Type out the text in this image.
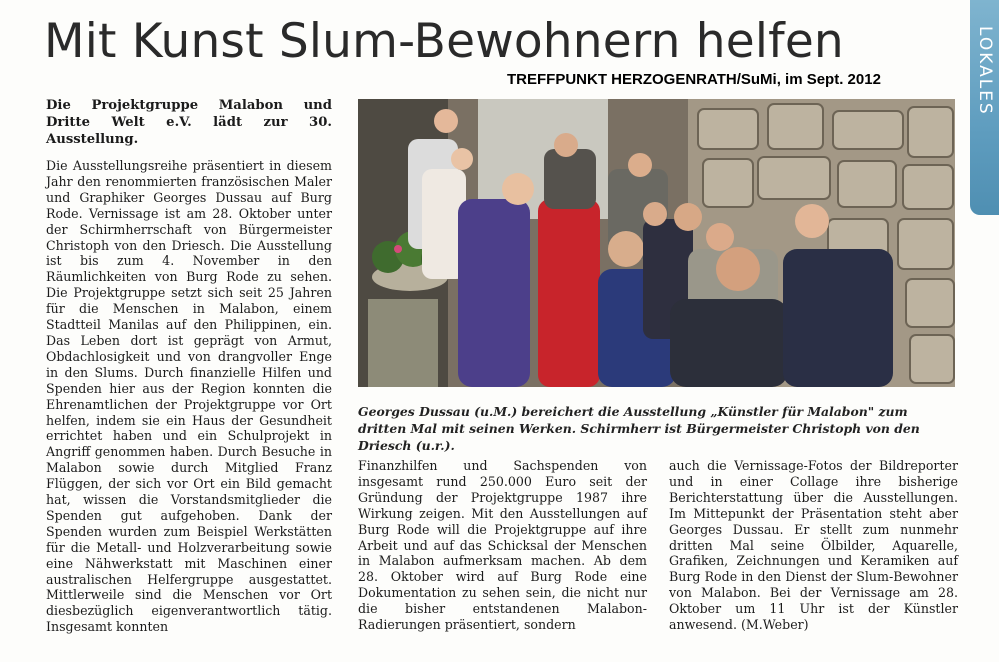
Mit Kunst Slum-Bewohnern helfen
TREFFPUNKT HERZOGENRATH/SuMi, im Sept. 2012	LOKALES

Die Projektgruppe Malabon und Dritte Welt e.V. lädt zur 30. Ausstellung.

Die Ausstellungsreihe präsentiert in diesem Jahr den renommierten französischen Maler und Graphiker Georges Dussau auf Burg Rode. Vernissage ist am 28. Oktober unter der Schirmherrschaft von Bürgermeister Christoph von den Driesch. Die Ausstellung ist bis zum 4. November in den Räumlichkeiten von Burg Rode zu sehen. Die Projektgruppe setzt sich seit 25 Jahren für die Menschen in Malabon, einem Stadtteil Manilas auf den Philippinen, ein. Das Leben dort ist geprägt von Armut, Obdachlosigkeit und von drangvoller Enge in den Slums. Durch finanzielle Hilfen und Spenden hier aus der Region konnten die Ehrenamtlichen der Projektgruppe vor Ort helfen, indem sie ein Haus der Gesundheit errichtet haben und ein Schulprojekt in Angriff genommen haben. Durch Besuche in Malabon sowie durch Mitglied Franz Flüggen, der sich vor Ort ein Bild gemacht hat, wissen die Vorstandsmitglieder die Spenden gut aufgehoben. Dank der Spenden wurden zum Beispiel Werkstätten für die Metall- und Holzverarbeitung sowie eine Nähwerkstatt mit Maschinen einer australischen Helfergruppe ausgestattet. Mittlerweile sind die Menschen vor Ort diesbezüglich eigenverantwortlich tätig. Insgesamt konnten

Georges Dussau (u.M.) bereichert die Ausstellung „Künstler für Malabon" zum dritten Mal mit seinen Werken. Schirmherr ist Bürgermeister Christoph von den Driesch (u.r.).

Finanzhilfen und Sachspenden von insgesamt rund 250.000 Euro seit der Gründung der Projektgruppe 1987 ihre Wirkung zeigen. Mit den Ausstellungen auf Burg Rode will die Projektgruppe auf ihre Arbeit und auf das Schicksal der Menschen in Malabon aufmerksam machen. Ab dem 28. Oktober wird auf Burg Rode eine Dokumentation zu sehen sein, die nicht nur die bisher entstandenen Malabon-Radierungen präsentiert, sondern

auch die Vernissage-Fotos der Bildreporter und in einer Collage ihre bisherige Berichterstattung über die Ausstellungen. Im Mittepunkt der Präsentation steht aber Georges Dussau. Er stellt zum nunmehr dritten Mal seine Ölbilder, Aquarelle, Grafiken, Zeichnungen und Keramiken auf Burg Rode in den Dienst der Slum-Bewohner von Malabon. Bei der Vernissage am 28. Oktober um 11 Uhr ist der Künstler anwesend. (M.Weber)
